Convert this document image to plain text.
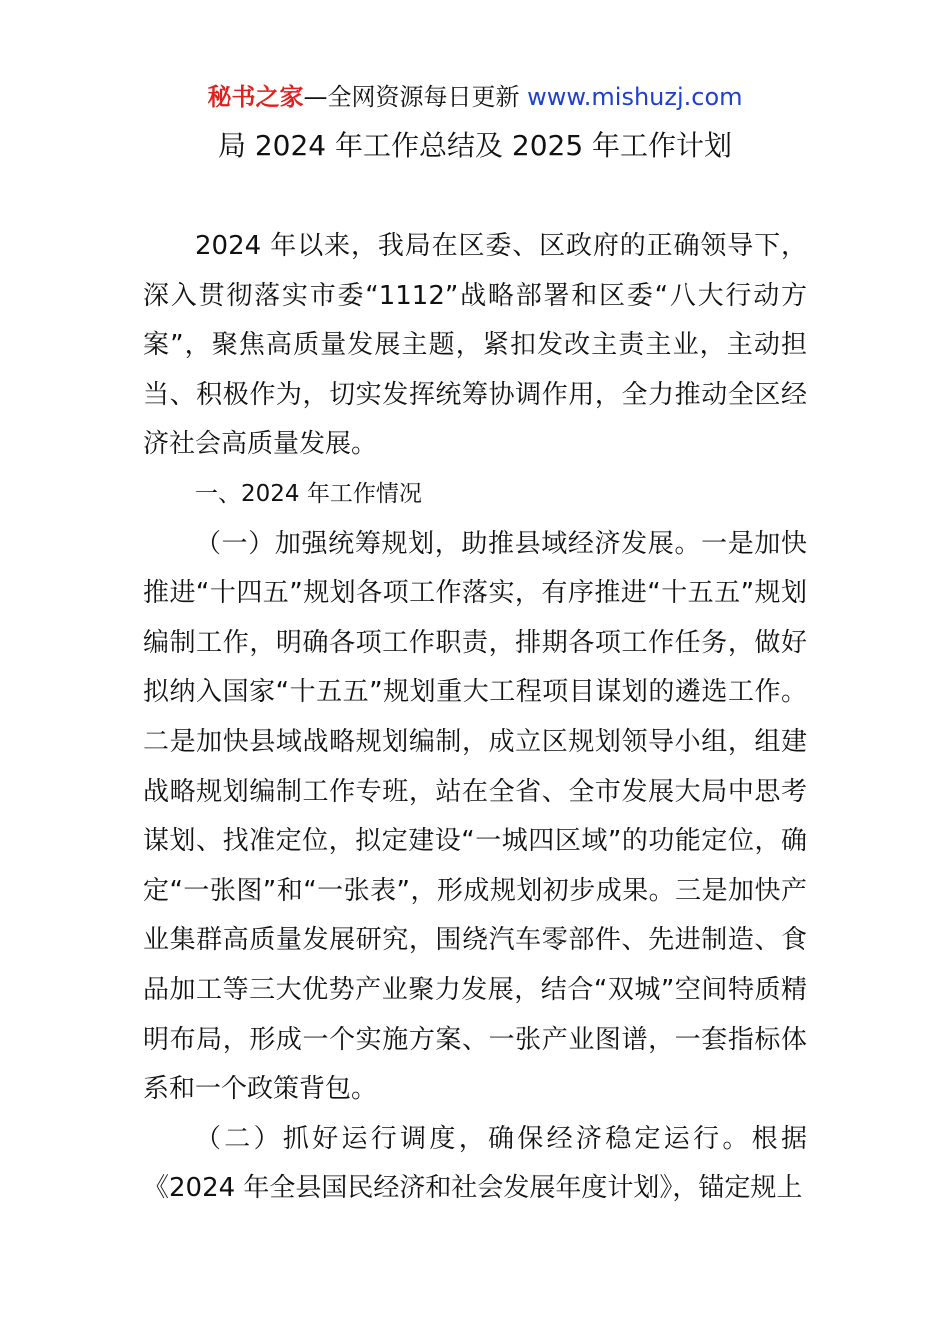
秘书之家—全网资源每日更新 www.mishuzj.com
局 2024 年工作总结及 2025 年工作计划

2024 年以来，我局在区委、区政府的正确领导下，深入贯彻落实市委“1112”战略部署和区委“八大行动方案”，聚焦高质量发展主题，紧扣发改主责主业，主动担当、积极作为，切实发挥统筹协调作用，全力推动全区经济社会高质量发展。

一、2024 年工作情况

（一）加强统筹规划，助推县域经济发展。一是加快推进“十四五”规划各项工作落实，有序推进“十五五”规划编制工作，明确各项工作职责，排期各项工作任务，做好拟纳入国家“十五五”规划重大工程项目谋划的遴选工作。二是加快县域战略规划编制，成立区规划领导小组，组建战略规划编制工作专班，站在全省、全市发展大局中思考谋划、找准定位，拟定建设“一城四区域”的功能定位，确定“一张图”和“一张表”，形成规划初步成果。三是加快产业集群高质量发展研究，围绕汽车零部件、先进制造、食品加工等三大优势产业聚力发展，结合“双城”空间特质精明布局，形成一个实施方案、一张产业图谱，一套指标体系和一个政策背包。

（二）抓好运行调度，确保经济稳定运行。根据《2024 年全县国民经济和社会发展年度计划》，锚定规上
